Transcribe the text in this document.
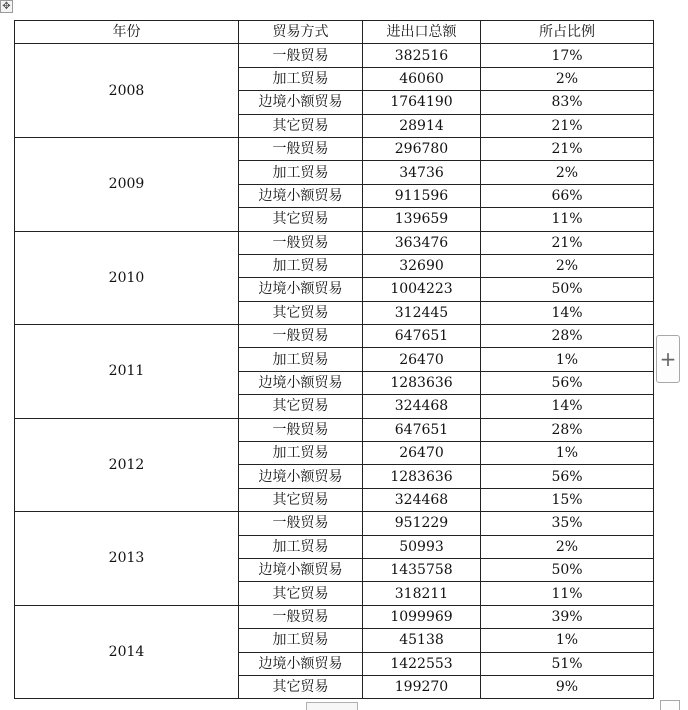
✥
年份	贸易方式	进出口总额	所占比例
2008	一般贸易	382516	17%
	加工贸易	46060	2%
	边境小额贸易	1764190	83%
	其它贸易	28914	21%
2009	一般贸易	296780	21%
	加工贸易	34736	2%
	边境小额贸易	911596	66%
	其它贸易	139659	11%
2010	一般贸易	363476	21%
	加工贸易	32690	2%
	边境小额贸易	1004223	50%
	其它贸易	312445	14%
2011	一般贸易	647651	28%
	加工贸易	26470	1%
	边境小额贸易	1283636	56%
	其它贸易	324468	14%
2012	一般贸易	647651	28%
	加工贸易	26470	1%
	边境小额贸易	1283636	56%
	其它贸易	324468	15%
2013	一般贸易	951229	35%
	加工贸易	50993	2%
	边境小额贸易	1435758	50%
	其它贸易	318211	11%
2014	一般贸易	1099969	39%
	加工贸易	45138	1%
	边境小额贸易	1422553	51%
	其它贸易	199270	9%
+
